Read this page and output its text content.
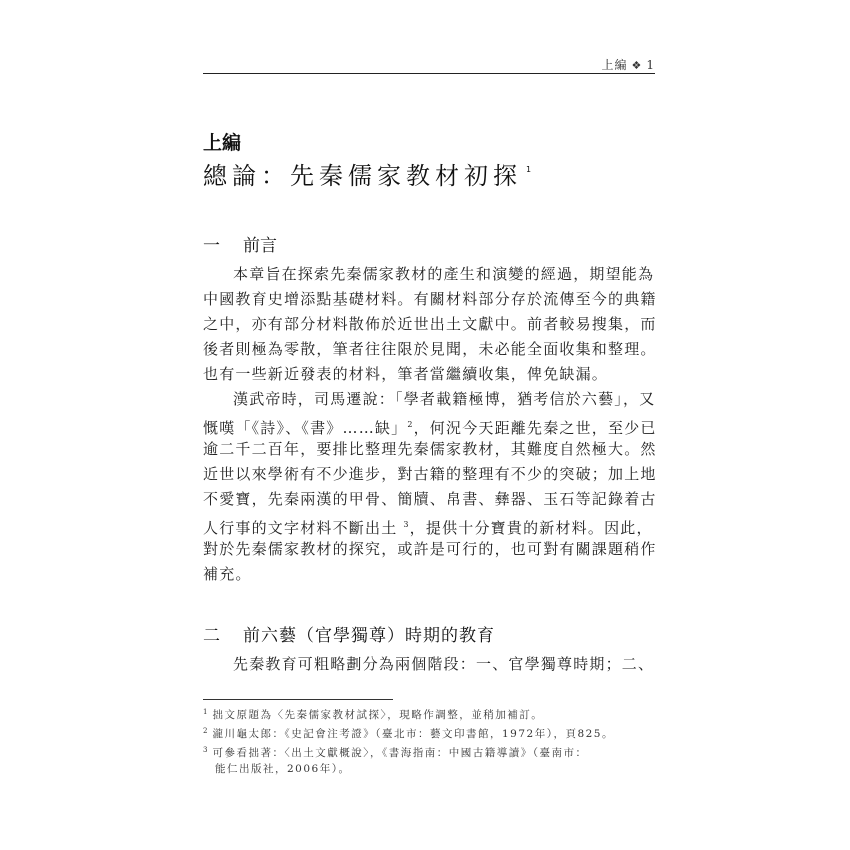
上編 ❖ 1
上編
總論：先秦儒家教材初探 $^1$
一 前言
本章旨在探索先秦儒家教材的產生和演變的經過，期望能為
中國教育史增添點基礎材料。有關材料部分存於流傳至今的典籍
之中，亦有部分材料散佈於近世出土文獻中。前者較易搜集，而
後者則極為零散，筆者往往限於見聞，未必能全面收集和整理。
也有一些新近發表的材料，筆者當繼續收集，俾免缺漏。
漢武帝時，司馬遷說：「學者載籍極博，猶考信於六藝」，又
慨嘆「《詩》、《書》……缺」$^2$，何況今天距離先秦之世，至少已
逾二千二百年，要排比整理先秦儒家教材，其難度自然極大。然
近世以來學術有不少進步，對古籍的整理有不少的突破；加上地
不愛寶，先秦兩漢的甲骨、簡牘、帛書、彝器、玉石等記錄着古
人行事的文字材料不斷出土 $^3$，提供十分寶貴的新材料。因此，
對於先秦儒家教材的探究，或許是可行的，也可對有關課題稍作
補充。
二 前六藝（官學獨尊）時期的教育
先秦教育可粗略劃分為兩個階段：一、官學獨尊時期；二、
$^1$ 拙文原題為〈先秦儒家教材試探〉，現略作調整，並稍加補訂。
$^2$ 瀧川龜太郎：《史記會注考證》（臺北市：藝文印書館，1972年），頁825。
$^3$ 可參看拙著：〈出土文獻概說〉，《書海指南：中國古籍導讀》（臺南市：
能仁出版社，2006年）。
